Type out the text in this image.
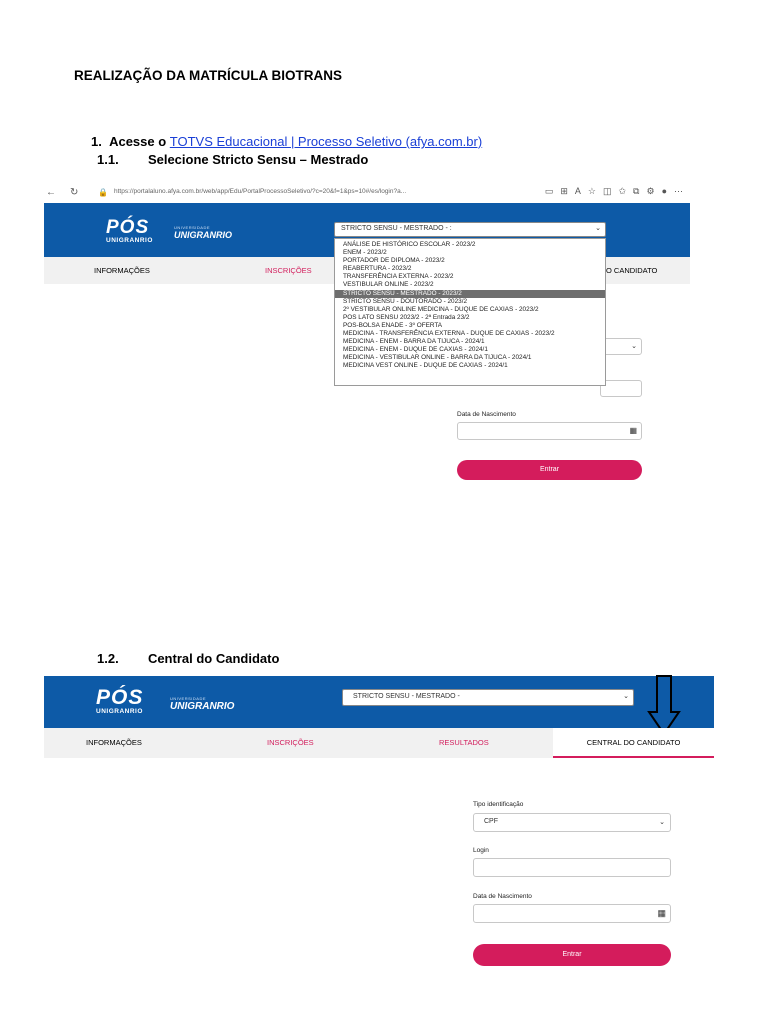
REALIZAÇÃO DA MATRÍCULA BIOTRANS
1. Acesse o TOTVS Educacional | Processo Seletivo (afya.com.br)
1.1. Selecione Stricto Sensu – Mestrado
← ↻ 🔒 https://portalaluno.afya.com.br/web/app/Edu/PortalProcessoSeletivo/?c=20&f=1&ps=10#/es/login?a...	▭⊞A☆◫✩⧉⚙●⋯
PÓS
UNIGRANRIO
UNIVERSIDADE
UNIGRANRIO
STRICTO SENSU - MESTRADO - :	⌄
INFORMAÇÕES	INSCRIÇÕES	O CANDIDATO
⌄
Data de Nascimento
▦
Entrar
ANÁLISE DE HISTÓRICO ESCOLAR - 2023/2
ENEM - 2023/2
PORTADOR DE DIPLOMA - 2023/2
REABERTURA - 2023/2
TRANSFERÊNCIA EXTERNA - 2023/2
VESTIBULAR ONLINE - 2023/2
STRICTO SENSU - MESTRADO - 2023/2
STRICTO SENSU - DOUTORADO - 2023/2
2º VESTIBULAR ONLINE MEDICINA - DUQUE DE CAXIAS - 2023/2
POS LATO SENSU 2023/2 - 2ª Entrada 23/2
POS-BOLSA ENADE - 3º OFERTA
MEDICINA - TRANSFERÊNCIA EXTERNA - DUQUE DE CAXIAS - 2023/2
MEDICINA - ENEM - BARRA DA TIJUCA - 2024/1
MEDICINA - ENEM - DUQUE DE CAXIAS - 2024/1
MEDICINA - VESTIBULAR ONLINE - BARRA DA TIJUCA - 2024/1
MEDICINA VEST ONLINE - DUQUE DE CAXIAS - 2024/1
1.2. Central do Candidato
PÓS
UNIGRANRIO
UNIVERSIDADE
UNIGRANRIO
STRICTO SENSU - MESTRADO -	⌄
INFORMAÇÕES	INSCRIÇÕES	RESULTADOS	CENTRAL DO CANDIDATO
Tipo identificação
CPF	⌄
Login
Data de Nascimento
▦
Entrar
